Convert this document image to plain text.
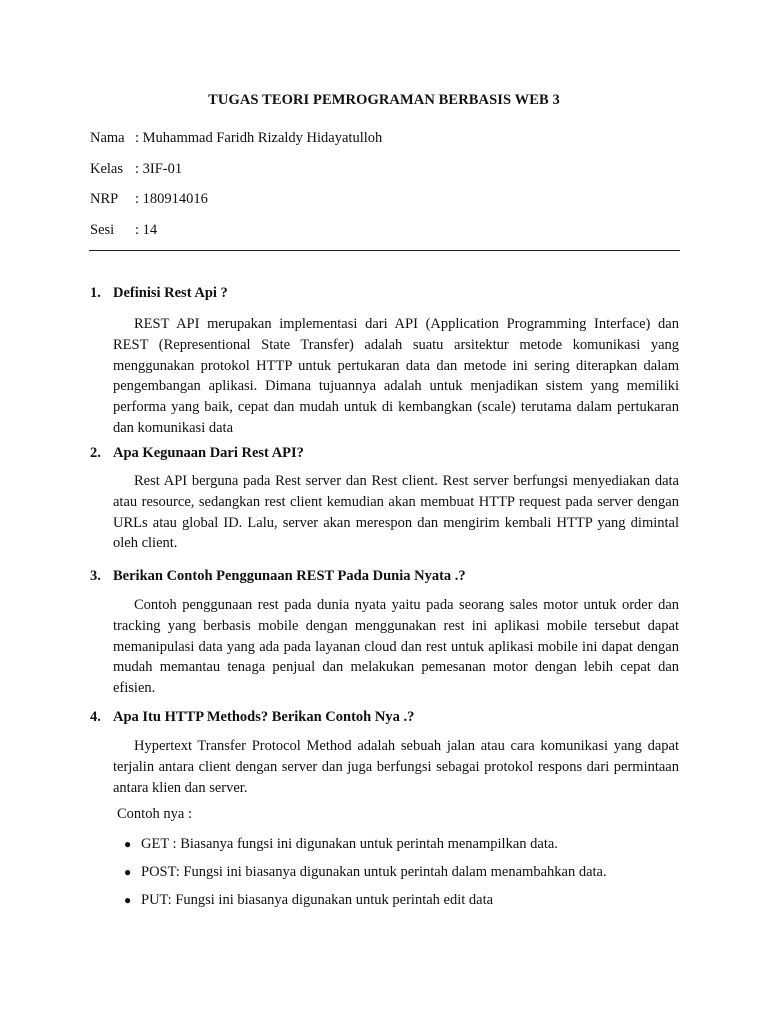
TUGAS TEORI PEMROGRAMAN BERBASIS WEB 3
Nama : Muhammad Faridh Rizaldy Hidayatulloh
Kelas : 3IF-01
NRP	: 180914016
Sesi	: 14
1. Definisi Rest Api ?

REST API merupakan implementasi dari API (Application Programming Interface) dan REST (Representional State Transfer) adalah suatu arsitektur metode komunikasi yang menggunakan protokol HTTP untuk pertukaran data dan metode ini sering diterapkan dalam pengembangan aplikasi. Dimana tujuannya adalah untuk menjadikan sistem yang memiliki performa yang baik, cepat dan mudah untuk di kembangkan (scale) terutama dalam pertukaran dan komunikasi data

2. Apa Kegunaan Dari Rest API?

Rest API berguna pada Rest server dan Rest client. Rest server berfungsi menyediakan data atau resource, sedangkan rest client kemudian akan membuat HTTP request pada server dengan URLs atau global ID. Lalu, server akan merespon dan mengirim kembali HTTP yang dimintal oleh client.

3. Berikan Contoh Penggunaan REST Pada Dunia Nyata .?

Contoh penggunaan rest pada dunia nyata yaitu pada seorang sales motor untuk order dan tracking yang berbasis mobile dengan menggunakan rest ini aplikasi mobile tersebut dapat memanipulasi data yang ada pada layanan cloud dan rest untuk aplikasi mobile ini dapat dengan mudah memantau tenaga penjual dan melakukan pemesanan motor dengan lebih cepat dan efisien.

4. Apa Itu HTTP Methods? Berikan Contoh Nya .?

Hypertext Transfer Protocol Method adalah sebuah jalan atau cara komunikasi yang dapat terjalin antara client dengan server dan juga berfungsi sebagai protokol respons dari permintaan antara klien dan server.

Contoh nya :

● GET : Biasanya fungsi ini digunakan untuk perintah menampilkan data.
● POST: Fungsi ini biasanya digunakan untuk perintah dalam menambahkan data.
● PUT: Fungsi ini biasanya digunakan untuk perintah edit data
